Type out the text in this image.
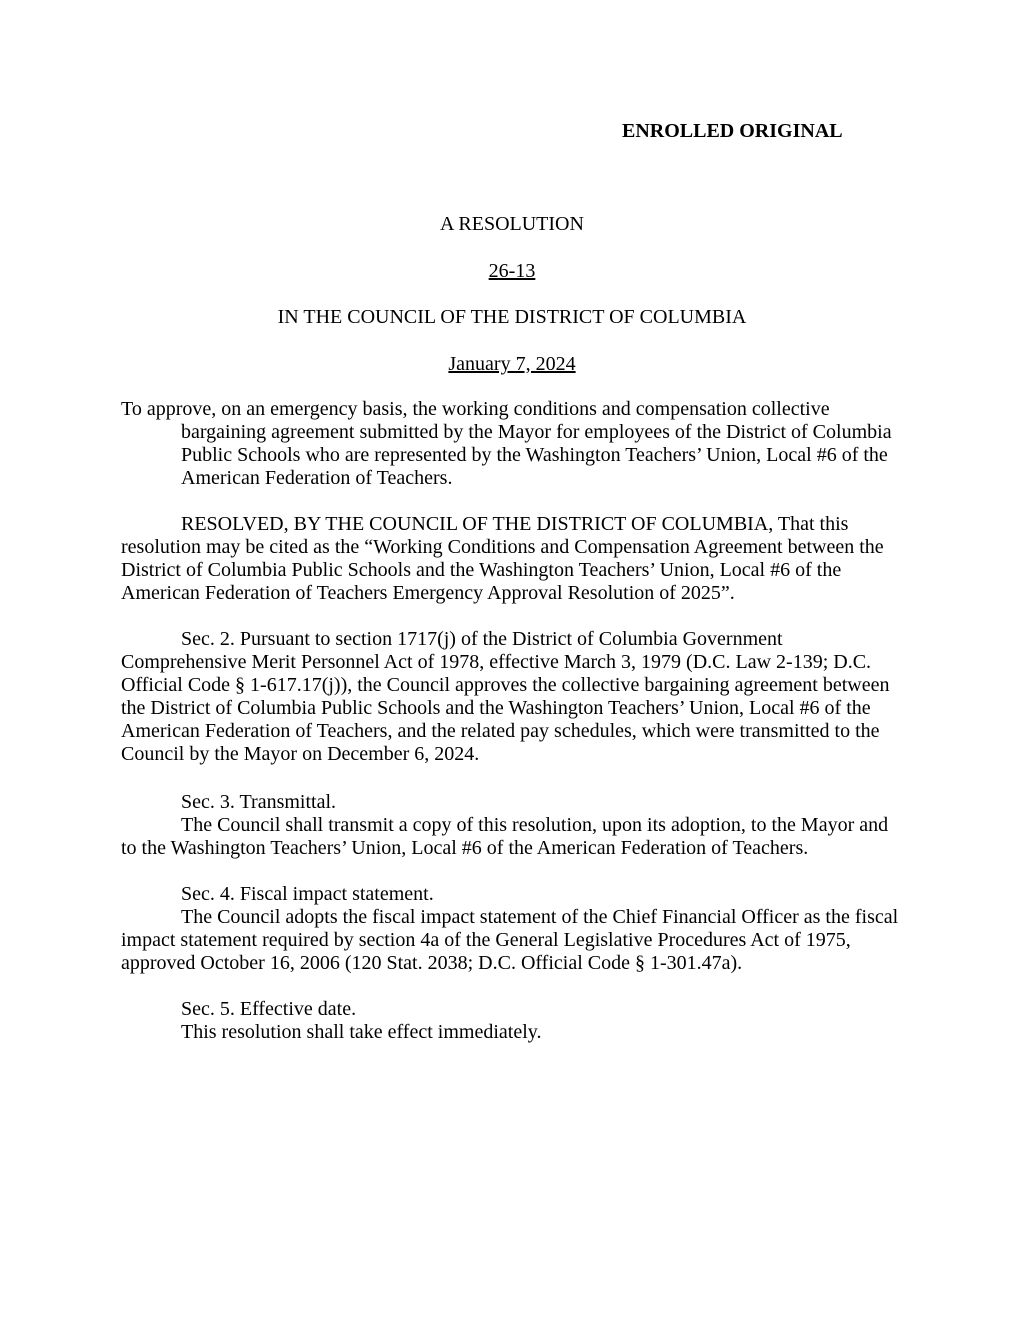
ENROLLED ORIGINAL
A RESOLUTION
26-13
IN THE COUNCIL OF THE DISTRICT OF COLUMBIA
January 7, 2024
To approve, on an emergency basis, the working conditions and compensation collective
bargaining agreement submitted by the Mayor for employees of the District of Columbia
Public Schools who are represented by the Washington Teachers’ Union, Local #6 of the
American Federation of Teachers.
RESOLVED, BY THE COUNCIL OF THE DISTRICT OF COLUMBIA, That this
resolution may be cited as the “Working Conditions and Compensation Agreement between the
District of Columbia Public Schools and the Washington Teachers’ Union, Local #6 of the
American Federation of Teachers Emergency Approval Resolution of 2025”.
Sec. 2. Pursuant to section 1717(j) of the District of Columbia Government
Comprehensive Merit Personnel Act of 1978, effective March 3, 1979 (D.C. Law 2-139; D.C.
Official Code § 1-617.17(j)), the Council approves the collective bargaining agreement between
the District of Columbia Public Schools and the Washington Teachers’ Union, Local #6 of the
American Federation of Teachers, and the related pay schedules, which were transmitted to the
Council by the Mayor on December 6, 2024.
Sec. 3. Transmittal.
The Council shall transmit a copy of this resolution, upon its adoption, to the Mayor and
to the Washington Teachers’ Union, Local #6 of the American Federation of Teachers.
Sec. 4. Fiscal impact statement.
The Council adopts the fiscal impact statement of the Chief Financial Officer as the fiscal
impact statement required by section 4a of the General Legislative Procedures Act of 1975,
approved October 16, 2006 (120 Stat. 2038; D.C. Official Code § 1-301.47a).
Sec. 5. Effective date.
This resolution shall take effect immediately.
